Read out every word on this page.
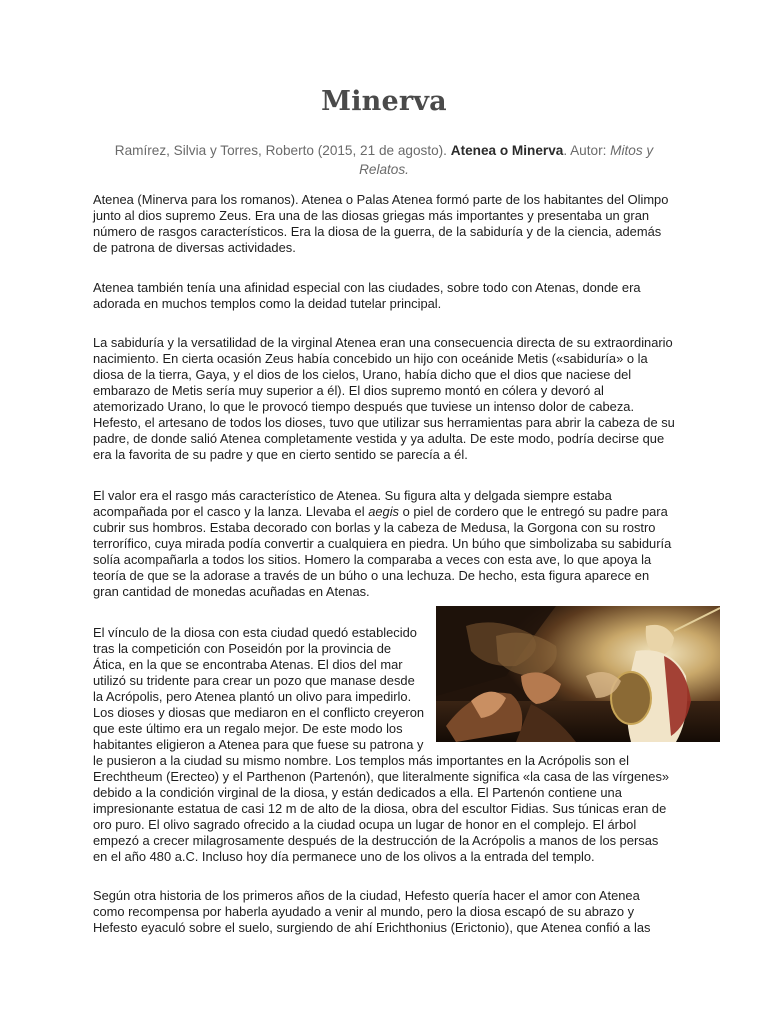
Minerva
Ramírez, Silvia y Torres, Roberto (2015, 21 de agosto). Atenea o Minerva. Autor: Mitos y
Relatos.

Atenea (Minerva para los romanos). Atenea o Palas Atenea formó parte de los habitantes del Olimpo
junto al dios supremo Zeus. Era una de las diosas griegas más importantes y presentaba un gran
número de rasgos característicos. Era la diosa de la guerra, de la sabiduría y de la ciencia, además
de patrona de diversas actividades.

Atenea también tenía una afinidad especial con las ciudades, sobre todo con Atenas, donde era
adorada en muchos templos como la deidad tutelar principal.

La sabiduría y la versatilidad de la virginal Atenea eran una consecuencia directa de su extraordinario
nacimiento. En cierta ocasión Zeus había concebido un hijo con oceánide Metis («sabiduría» o la
diosa de la tierra, Gaya, y el dios de los cielos, Urano, había dicho que el dios que naciese del
embarazo de Metis sería muy superior a él). El dios supremo montó en cólera y devoró al
atemorizado Urano, lo que le provocó tiempo después que tuviese un intenso dolor de cabeza.
Hefesto, el artesano de todos los dioses, tuvo que utilizar sus herramientas para abrir la cabeza de su
padre, de donde salió Atenea completamente vestida y ya adulta. De este modo, podría decirse que
era la favorita de su padre y que en cierto sentido se parecía a él.

El valor era el rasgo más característico de Atenea. Su figura alta y delgada siempre estaba
acompañada por el casco y la lanza. Llevaba el aegis o piel de cordero que le entregó su padre para
cubrir sus hombros. Estaba decorado con borlas y la cabeza de Medusa, la Gorgona con su rostro
terrorífico, cuya mirada podía convertir a cualquiera en piedra. Un búho que simbolizaba su sabiduría
solía acompañarla a todos los sitios. Homero la comparaba a veces con esta ave, lo que apoya la
teoría de que se la adorase a través de un búho o una lechuza. De hecho, esta figura aparece en
gran cantidad de monedas acuñadas en Atenas.

El vínculo de la diosa con esta ciudad quedó establecido
tras la competición con Poseidón por la provincia de
Ática, en la que se encontraba Atenas. El dios del mar
utilizó su tridente para crear un pozo que manase desde
la Acrópolis, pero Atenea plantó un olivo para impedirlo.
Los dioses y diosas que mediaron en el conflicto creyeron
que este último era un regalo mejor. De este modo los
habitantes eligieron a Atenea para que fuese su patrona y
le pusieron a la ciudad su mismo nombre. Los templos más importantes en la Acrópolis son el
Erechtheum (Erecteo) y el Parthenon (Partenón), que literalmente significa «la casa de las vírgenes»
debido a la condición virginal de la diosa, y están dedicados a ella. El Partenón contiene una
impresionante estatua de casi 12 m de alto de la diosa, obra del escultor Fidias. Sus túnicas eran de
oro puro. El olivo sagrado ofrecido a la ciudad ocupa un lugar de honor en el complejo. El árbol
empezó a crecer milagrosamente después de la destrucción de la Acrópolis a manos de los persas
en el año 480 a.C. Incluso hoy día permanece uno de los olivos a la entrada del templo.

Según otra historia de los primeros años de la ciudad, Hefesto quería hacer el amor con Atenea
como recompensa por haberla ayudado a venir al mundo, pero la diosa escapó de su abrazo y
Hefesto eyaculó sobre el suelo, surgiendo de ahí Erichthonius (Erictonio), que Atenea confió a las
